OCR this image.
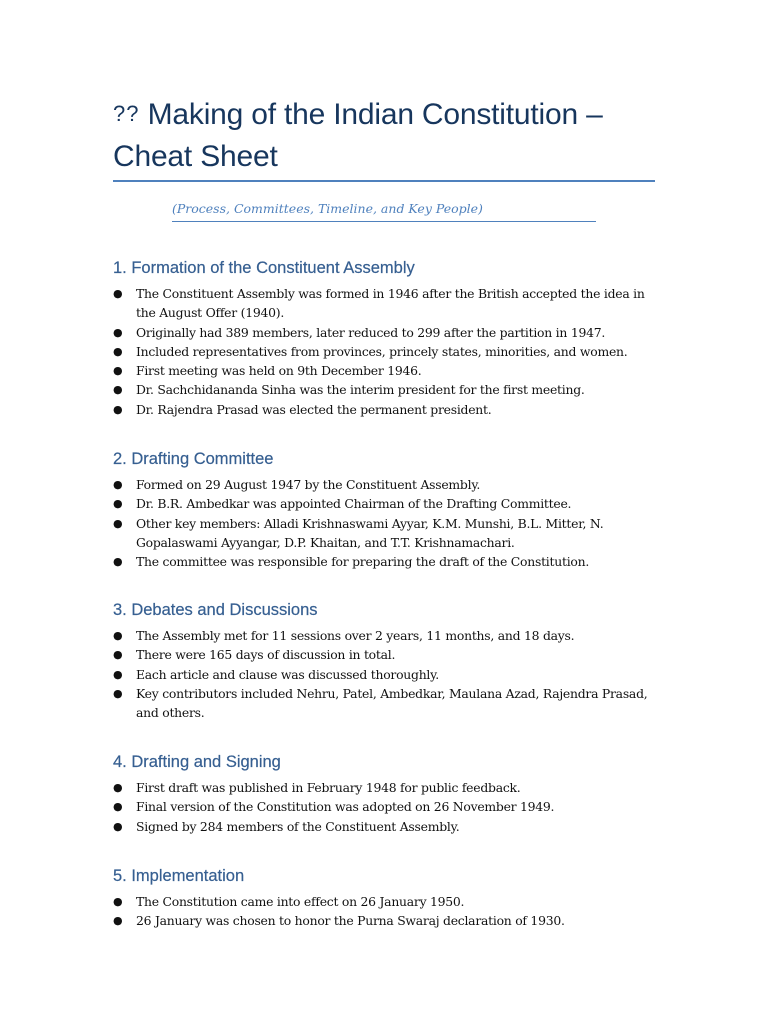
?? Making of the Indian Constitution – Cheat Sheet

(Process, Committees, Timeline, and Key People)

1. Formation of the Constituent Assembly
● The Constituent Assembly was formed in 1946 after the British accepted the idea in the August Offer (1940).
● Originally had 389 members, later reduced to 299 after the partition in 1947.
● Included representatives from provinces, princely states, minorities, and women.
● First meeting was held on 9th December 1946.
● Dr. Sachchidananda Sinha was the interim president for the first meeting.
● Dr. Rajendra Prasad was elected the permanent president.
2. Drafting Committee
● Formed on 29 August 1947 by the Constituent Assembly.
● Dr. B.R. Ambedkar was appointed Chairman of the Drafting Committee.
● Other key members: Alladi Krishnaswami Ayyar, K.M. Munshi, B.L. Mitter, N. Gopalaswami Ayyangar, D.P. Khaitan, and T.T. Krishnamachari.
● The committee was responsible for preparing the draft of the Constitution.
3. Debates and Discussions
● The Assembly met for 11 sessions over 2 years, 11 months, and 18 days.
● There were 165 days of discussion in total.
● Each article and clause was discussed thoroughly.
● Key contributors included Nehru, Patel, Ambedkar, Maulana Azad, Rajendra Prasad, and others.
4. Drafting and Signing
● First draft was published in February 1948 for public feedback.
● Final version of the Constitution was adopted on 26 November 1949.
● Signed by 284 members of the Constituent Assembly.
5. Implementation
● The Constitution came into effect on 26 January 1950.
● 26 January was chosen to honor the Purna Swaraj declaration of 1930.
